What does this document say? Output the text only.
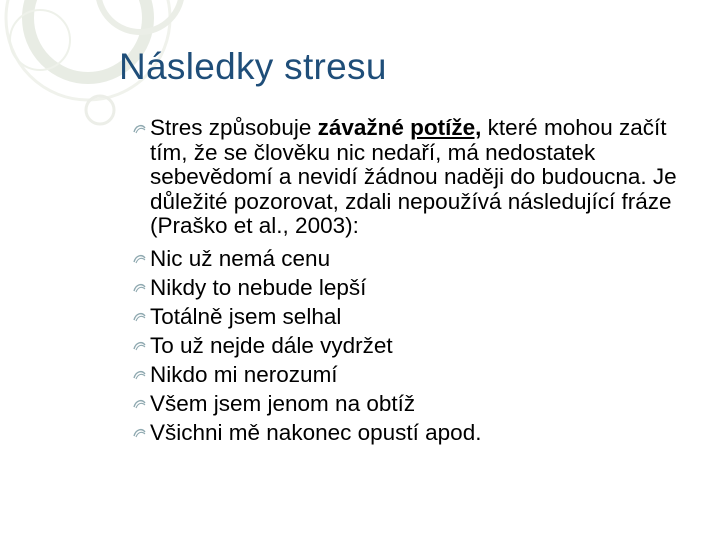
Následky stresu

Stres způsobuje závažné potíže, které mohou začít tím, že se člověku nic nedaří, má nedostatek sebevědomí a nevidí žádnou naději do budoucna. Je důležité pozorovat, zdali nepoužívá následující fráze (Praško et al., 2003):

Nic už nemá cenu

Nikdy to nebude lepší

Totálně jsem selhal

To už nejde dále vydržet

Nikdo mi nerozumí

Všem jsem jenom na obtíž

Všichni mě nakonec opustí apod.
